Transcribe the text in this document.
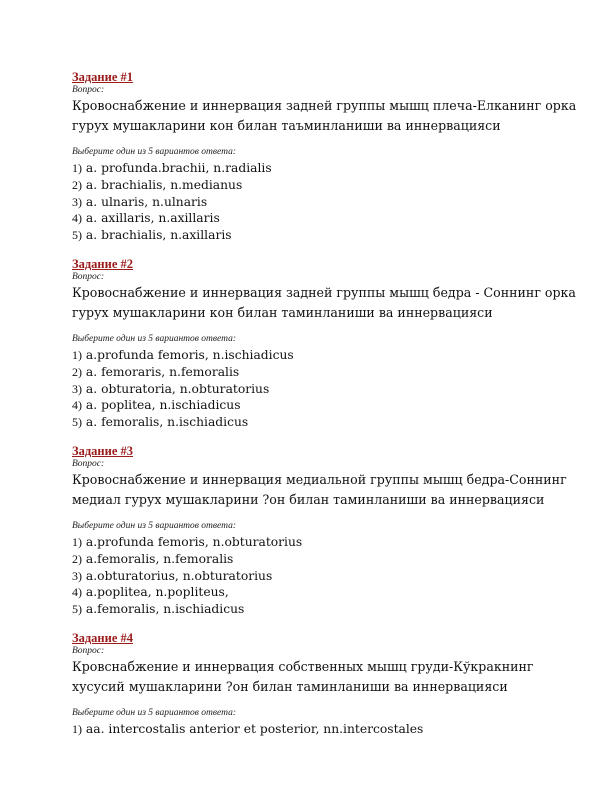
Задание #1
Вопрос:
Кровоснабжение и иннервация задней группы мышц плеча-Елканинг орка
гурух мушакларини кон билан таъминланиши ва иннервацияси
Выберите один из 5 вариантов ответа:
1) a. profunda.brachii, n.radialis
2) a. brachialis, n.medianus
3) a. ulnaris, n.ulnaris
4) a. axillaris, n.axillaris
5) a. brachialis, n.axillaris
Задание #2
Вопрос:
Кровоснабжение и иннервация задней группы мышц бедра - Соннинг орка
гурух мушакларини кон билан таминланиши ва иннервацияси
Выберите один из 5 вариантов ответа:
1) a.profunda femoris, n.ischiadicus
2) a. femoraris, n.femoralis
3) a. obturatoria, n.obturatorius
4) a. poplitea, n.ischiadicus
5) a. femoralis, n.ischiadicus
Задание #3
Вопрос:
Кровоснабжение и иннервация медиальной группы мышц бедра-Соннинг
медиал гурух мушакларини ?он билан таминланиши ва иннервацияси
Выберите один из 5 вариантов ответа:
1) a.profunda femoris, n.obturatorius
2) a.femoralis, n.femoralis
3) a.obturatorius, n.obturatorius
4) a.poplitea, n.popliteus,
5) a.femoralis, n.ischiadicus
Задание #4
Вопрос:
Кровснабжение и иннервация собственных мышц груди-Кўкракнинг
хусусий мушакларини ?он билан таминланиши ва иннервацияси
Выберите один из 5 вариантов ответа:
1) aa. intercostalis anterior et posterior, nn.intercostales
